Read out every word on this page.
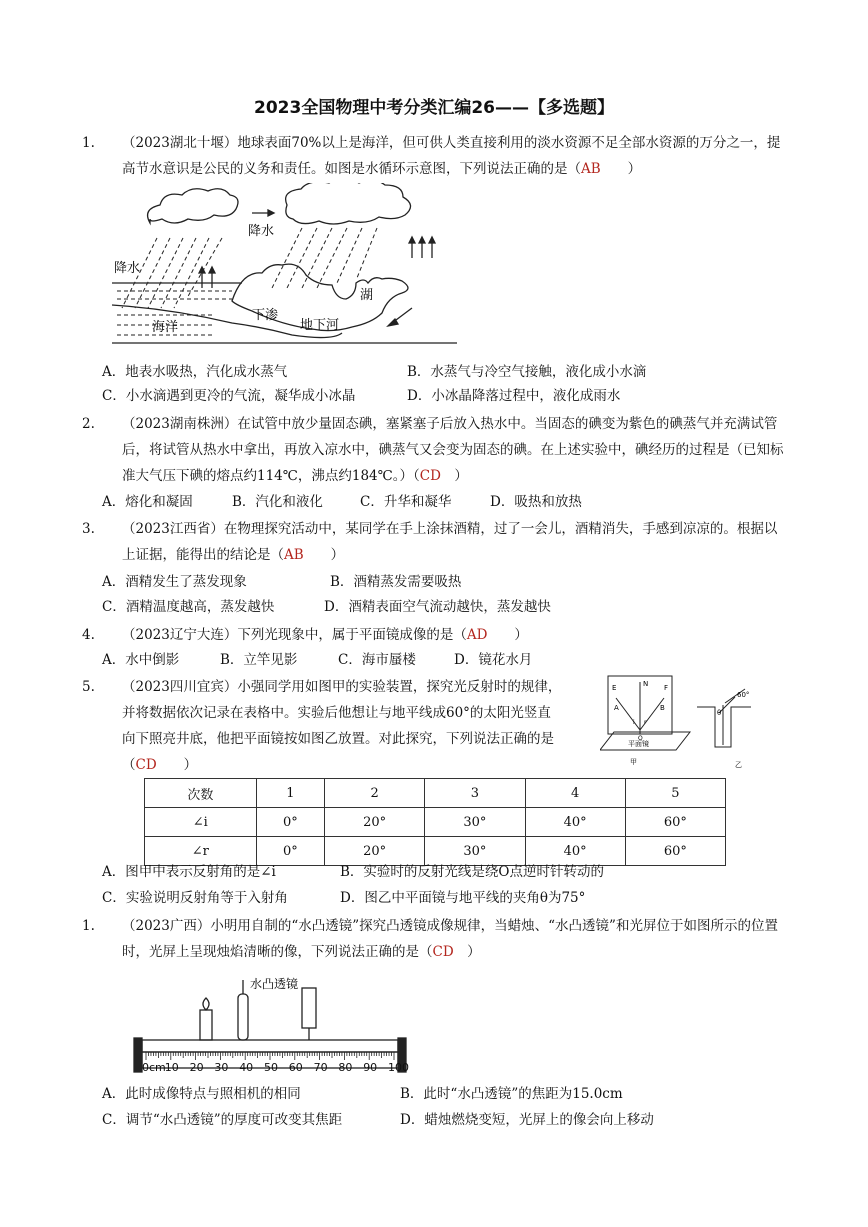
2023全国物理中考分类汇编26——【多选题】
1. （2023湖北十堰）地球表面70%以上是海洋，但可供人类直接利用的淡水资源不足全部水资源的万分之一，提高节水意识是公民的义务和责任。如图是水循环示意图，下列说法正确的是（AB　　）
降水
降水
海洋
湖
下渗
地下河
A．地表水吸热，汽化成水蒸气	B．水蒸气与冷空气接触，液化成小水滴
C．小水滴遇到更冷的气流，凝华成小冰晶	D．小冰晶降落过程中，液化成雨水
2. （2023湖南株洲）在试管中放少量固态碘，塞紧塞子后放入热水中。当固态的碘变为紫色的碘蒸气并充满试管后，将试管从热水中拿出，再放入凉水中，碘蒸气又会变为固态的碘。在上述实验中，碘经历的过程是（已知标准大气压下碘的熔点约114℃，沸点约184℃。）（CD　）
A．熔化和凝固	B．汽化和液化	C．升华和凝华	D．吸热和放热
3. （2023江西省）在物理探究活动中，某同学在手上涂抹酒精，过了一会儿，酒精消失，手感到凉凉的。根据以上证据，能得出的结论是（AB　　）
A．酒精发生了蒸发现象	B．酒精蒸发需要吸热
C．酒精温度越高，蒸发越快	D．酒精表面空气流动越快，蒸发越快
4. （2023辽宁大连）下列光现象中，属于平面镜成像的是（AD　　）
A．水中倒影	B．立竿见影	C．海市蜃楼	D．镜花水月
5. （2023四川宜宾）小强同学用如图甲的实验装置，探究光反射时的规律，并将数据依次记录在表格中。实验后他想让与地平线成60°的太阳光竖直向下照亮井底，他把平面镜按如图乙放置。对此探究，下列说法正确的是（CD　　）
E	N F
A	B
i r
O
平面镜
甲
60°
θ
乙
次数	1	2	3	4	5
∠i	0°	20°	30°	40°	60°
∠r	0°	20°	30°	40°	60°
A．图甲中表示反射角的是∠i	B．实验时的反射光线是绕O点逆时针转动的
C．实验说明反射角等于入射角	D．图乙中平面镜与地平线的夹角θ为75°
1. （2023广西）小明用自制的“水凸透镜”探究凸透镜成像规律，当蜡烛、“水凸透镜”和光屏位于如图所示的位置时，光屏上呈现烛焰清晰的像，下列说法正确的是（CD　）
水凸透镜
0cm 10 20 30 40 50 60 70 80 90 100
A．此时成像特点与照相机的相同	B．此时“水凸透镜”的焦距为15.0cm
C．调节“水凸透镜”的厚度可改变其焦距	D．蜡烛燃烧变短，光屏上的像会向上移动
